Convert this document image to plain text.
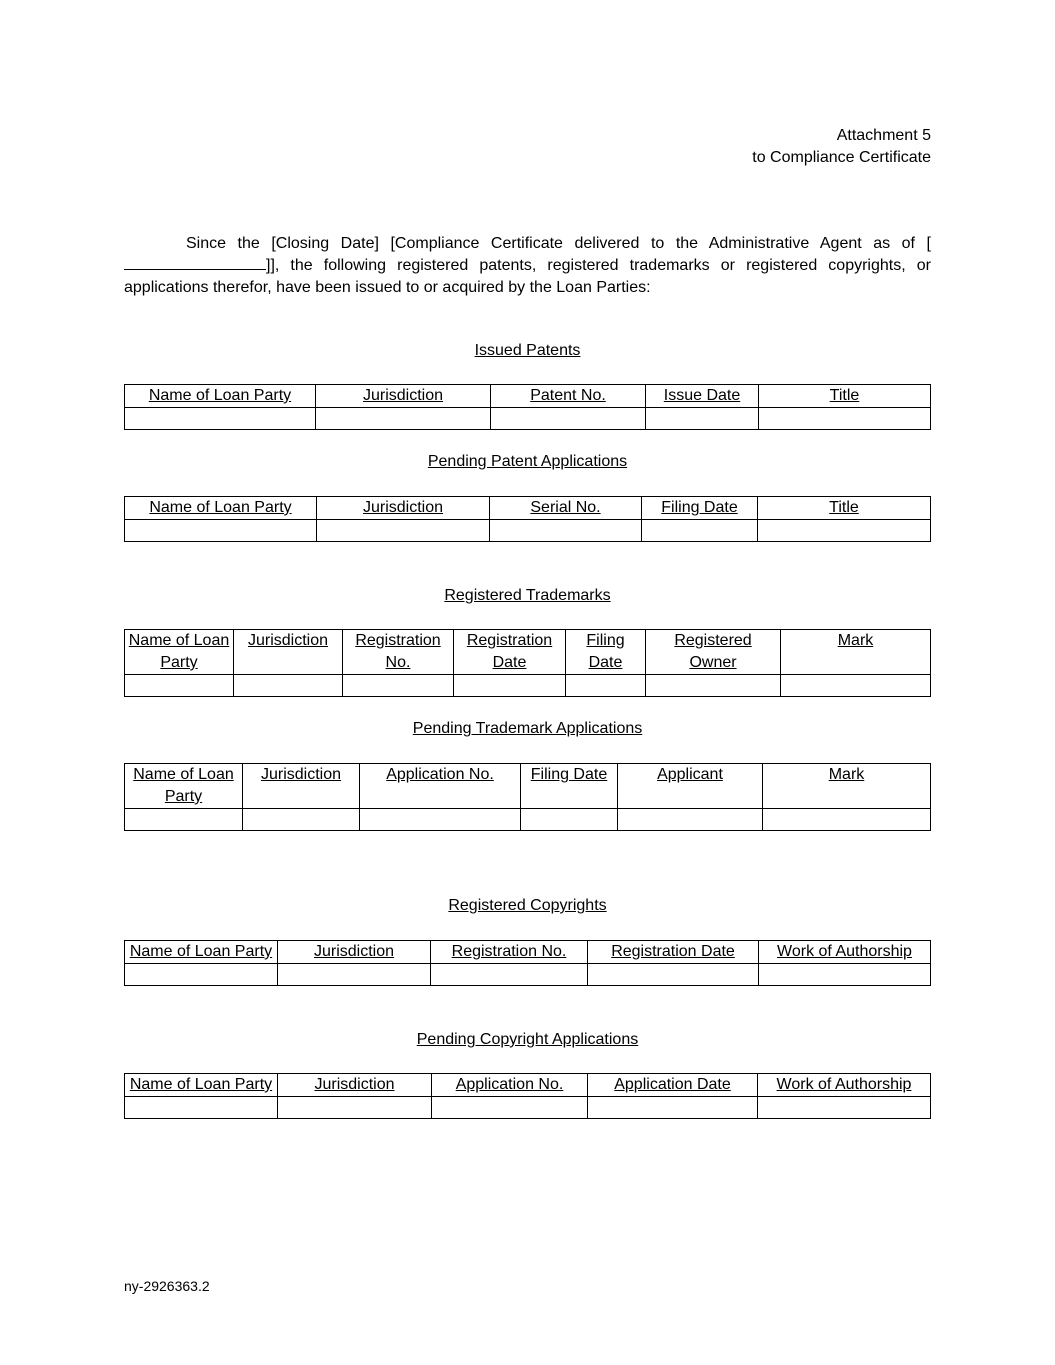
Attachment 5
to Compliance Certificate
Since the [Closing Date] [Compliance Certificate delivered to the Administrative Agent as of []], the following registered patents, registered trademarks or registered copyrights, or applications therefor, have been issued to or acquired by the Loan Parties:
Issued Patents
Name of Loan Party	Jurisdiction	Patent No.	Issue Date	Title

Pending Patent Applications
Name of Loan Party	Jurisdiction	Serial No.	Filing Date	Title

Registered Trademarks
Name of Loan Party	Jurisdiction	Registration No.	Registration Date	Filing Date	Registered Owner	Mark

Pending Trademark Applications
Name of Loan Party	Jurisdiction	Application No.	Filing Date	Applicant	Mark

Registered Copyrights
Name of Loan Party	Jurisdiction	Registration No.	Registration Date	Work of Authorship

Pending Copyright Applications
Name of Loan Party	Jurisdiction	Application No.	Application Date	Work of Authorship

ny-2926363.2
